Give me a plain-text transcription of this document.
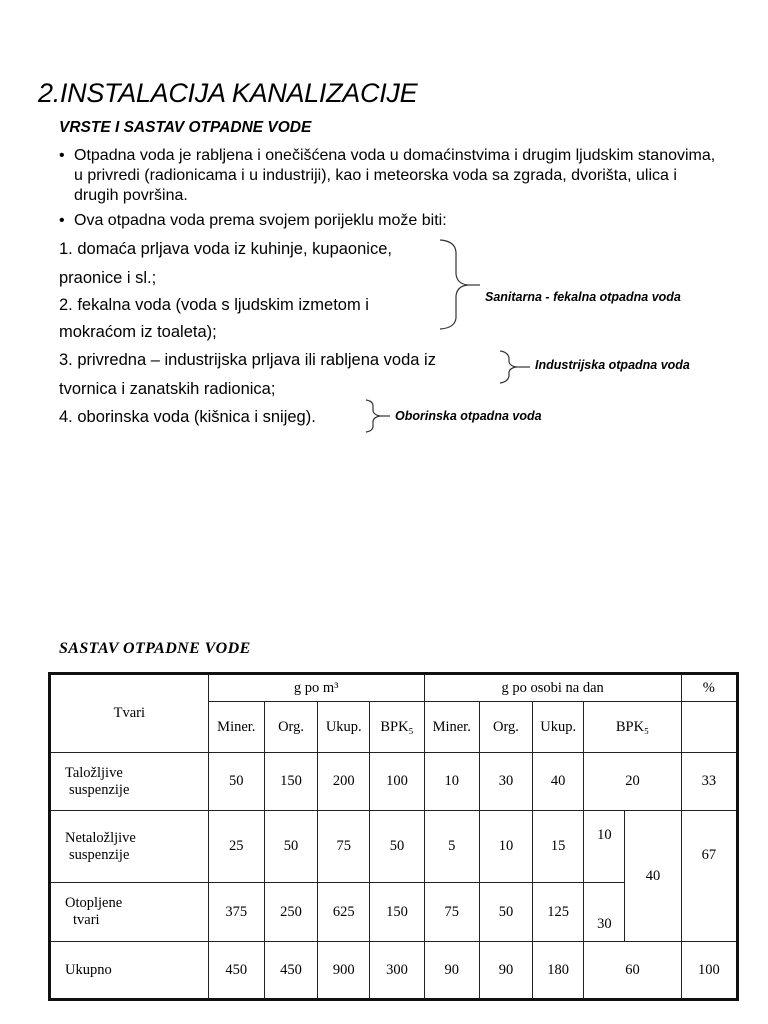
2.INSTALACIJA KANALIZACIJE
VRSTE I SASTAV OTPADNE VODE
• Otpadna voda je rabljena i onečišćena voda u domaćinstvima i drugim ljudskim stanovima, u privredi (radionicama i u industriji), kao i meteorska voda sa zgrada, dvorišta, ulica i drugih površina.
• Ova otpadna voda prema svojem porijeklu može biti:
1. domaća prljava voda iz kuhinje, kupaonice,
praonice i sl.;
2. fekalna voda (voda s ljudskim izmetom i
mokraćom iz toaleta);
3. privredna – industrijska prljava ili rabljena voda iz
tvornica i zanatskih radionica;
4. oborinska voda (kišnica i snijeg).
Sanitarna - fekalna otpadna voda
Industrijska otpadna voda
Oborinska otpadna voda
SASTAV OTPADNE VODE
Tvari	g po m³				g po osobi na dan					%
	Miner.	Org.	Ukup.	BPK₅	Miner.	Org.	Ukup.	BPK₅		

Taložljive
suspenzije	50	150	200	100	10	30	40	20		33

Netaložljive
suspenzije	25	50	75	50	5	10	15	10	40	67

Otopljene
tvari	375	250	625	150	75	50	125	30		
Ukupno	450	450	900	300	90	90	180	60		100
